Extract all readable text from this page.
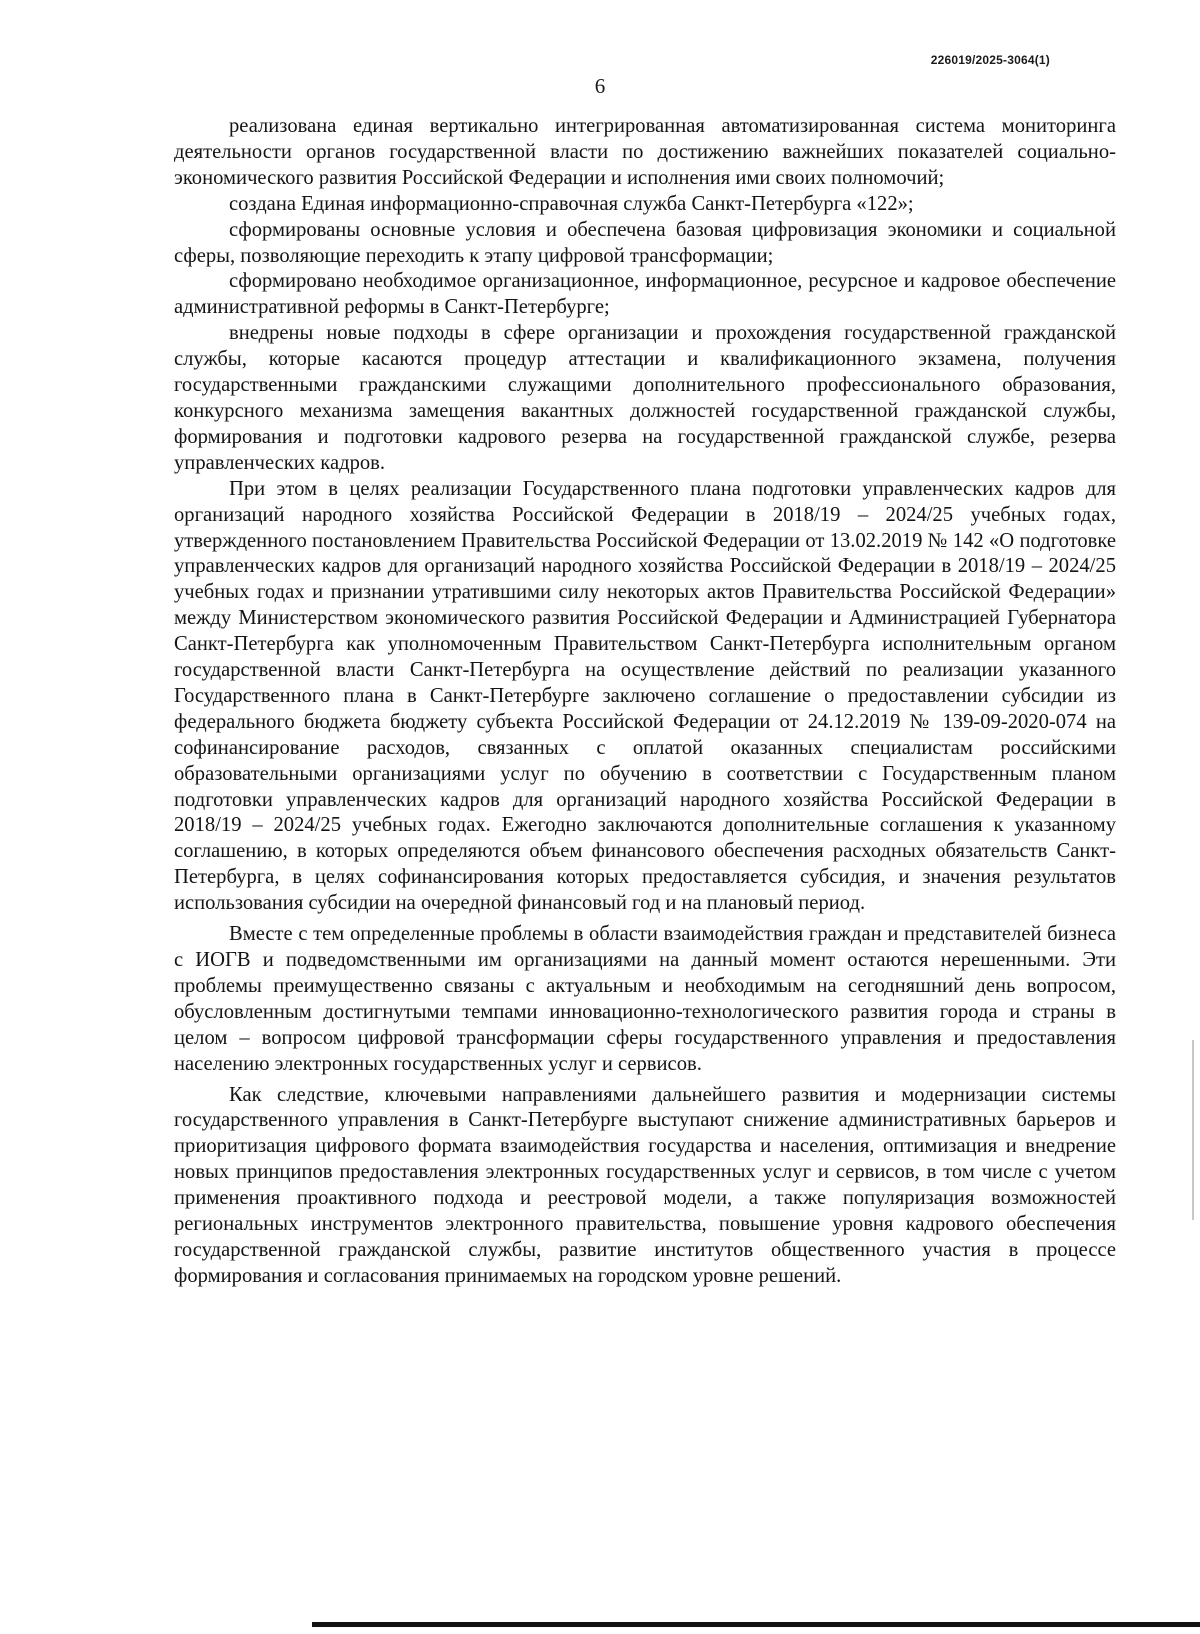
226019/2025-3064(1)
6

реализована единая вертикально интегрированная автоматизированная система мониторинга деятельности органов государственной власти по достижению важнейших показателей социально-экономического развития Российской Федерации и исполнения ими своих полномочий;

создана Единая информационно-справочная служба Санкт-Петербурга «122»;

сформированы основные условия и обеспечена базовая цифровизация экономики и социальной сферы, позволяющие переходить к этапу цифровой трансформации;

сформировано необходимое организационное, информационное, ресурсное и кадровое обеспечение административной реформы в Санкт-Петербурге;

внедрены новые подходы в сфере организации и прохождения государственной гражданской службы, которые касаются процедур аттестации и квалификационного экзамена, получения государственными гражданскими служащими дополнительного профессионального образования, конкурсного механизма замещения вакантных должностей государственной гражданской службы, формирования и подготовки кадрового резерва на государственной гражданской службе, резерва управленческих кадров.

При этом в целях реализации Государственного плана подготовки управленческих кадров для организаций народного хозяйства Российской Федерации в 2018/19 – 2024/25 учебных годах, утвержденного постановлением Правительства Российской Федерации от 13.02.2019 № 142 «О подготовке управленческих кадров для организаций народного хозяйства Российской Федерации в 2018/19 – 2024/25 учебных годах и признании утратившими силу некоторых актов Правительства Российской Федерации» между Министерством экономического развития Российской Федерации и Администрацией Губернатора Санкт-Петербурга как уполномоченным Правительством Санкт-Петербурга исполнительным органом государственной власти Санкт-Петербурга на осуществление действий по реализации указанного Государственного плана в Санкт-Петербурге заключено соглашение о предоставлении субсидии из федерального бюджета бюджету субъекта Российской Федерации от 24.12.2019 № 139-09-2020-074 на софинансирование расходов, связанных с оплатой оказанных специалистам российскими образовательными организациями услуг по обучению в соответствии с Государственным планом подготовки управленческих кадров для организаций народного хозяйства Российской Федерации в 2018/19 – 2024/25 учебных годах. Ежегодно заключаются дополнительные соглашения к указанному соглашению, в которых определяются объем финансового обеспечения расходных обязательств Санкт-Петербурга, в целях софинансирования которых предоставляется субсидия, и значения результатов использования субсидии на очередной финансовый год и на плановый период.

Вместе с тем определенные проблемы в области взаимодействия граждан и представителей бизнеса с ИОГВ и подведомственными им организациями на данный момент остаются нерешенными. Эти проблемы преимущественно связаны с актуальным и необходимым на сегодняшний день вопросом, обусловленным достигнутыми темпами инновационно-технологического развития города и страны в целом – вопросом цифровой трансформации сферы государственного управления и предоставления населению электронных государственных услуг и сервисов.

Как следствие, ключевыми направлениями дальнейшего развития и модернизации системы государственного управления в Санкт-Петербурге выступают снижение административных барьеров и приоритизация цифрового формата взаимодействия государства и населения, оптимизация и внедрение новых принципов предоставления электронных государственных услуг и сервисов, в том числе с учетом применения проактивного подхода и реестровой модели, а также популяризация возможностей региональных инструментов электронного правительства, повышение уровня кадрового обеспечения государственной гражданской службы, развитие институтов общественного участия в процессе формирования и согласования принимаемых на городском уровне решений.
